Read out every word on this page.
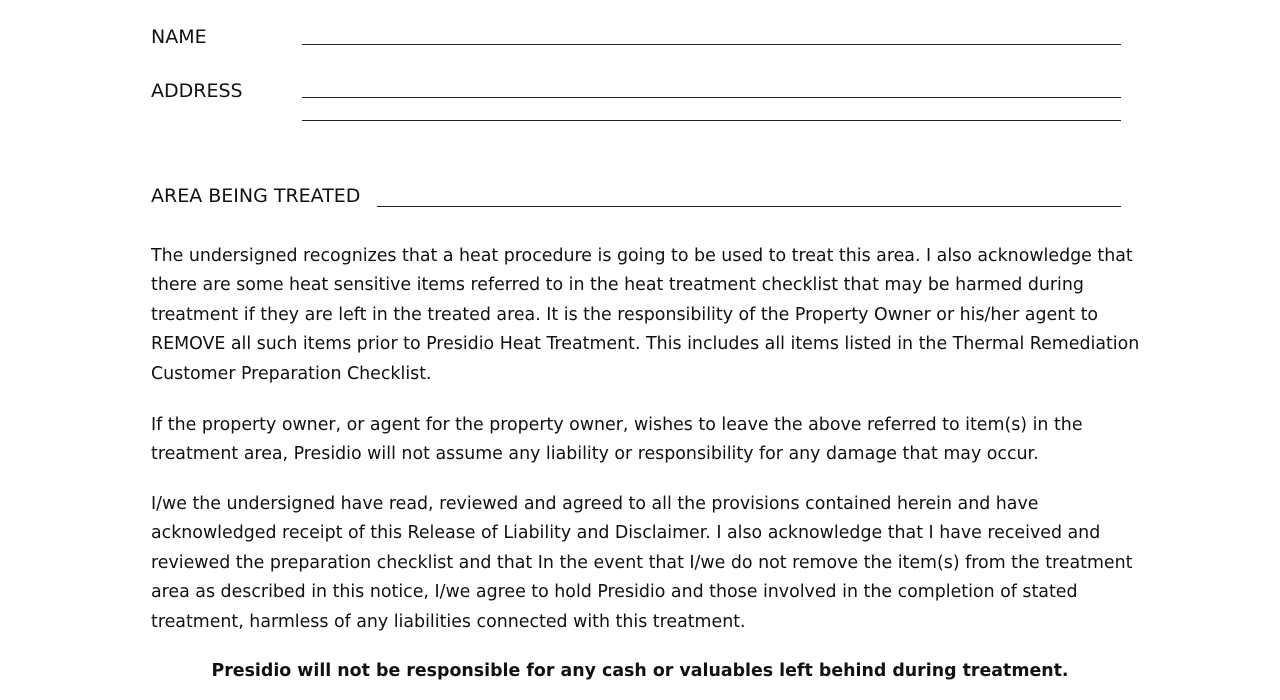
NAME
ADDRESS
AREA BEING TREATED

The undersigned recognizes that a heat procedure is going to be used to treat this area. I also acknowledge that
there are some heat sensitive items referred to in the heat treatment checklist that may be harmed during
treatment if they are left in the treated area. It is the responsibility of the Property Owner or his/her agent to
REMOVE all such items prior to Presidio Heat Treatment. This includes all items listed in the Thermal Remediation
Customer Preparation Checklist.

If the property owner, or agent for the property owner, wishes to leave the above referred to item(s) in the
treatment area, Presidio will not assume any liability or responsibility for any damage that may occur.

I/we the undersigned have read, reviewed and agreed to all the provisions contained herein and have
acknowledged receipt of this Release of Liability and Disclaimer. I also acknowledge that I have received and
reviewed the preparation checklist and that In the event that I/we do not remove the item(s) from the treatment
area as described in this notice, I/we agree to hold Presidio and those involved in the completion of stated
treatment, harmless of any liabilities connected with this treatment.

Presidio will not be responsible for any cash or valuables left behind during treatment.
